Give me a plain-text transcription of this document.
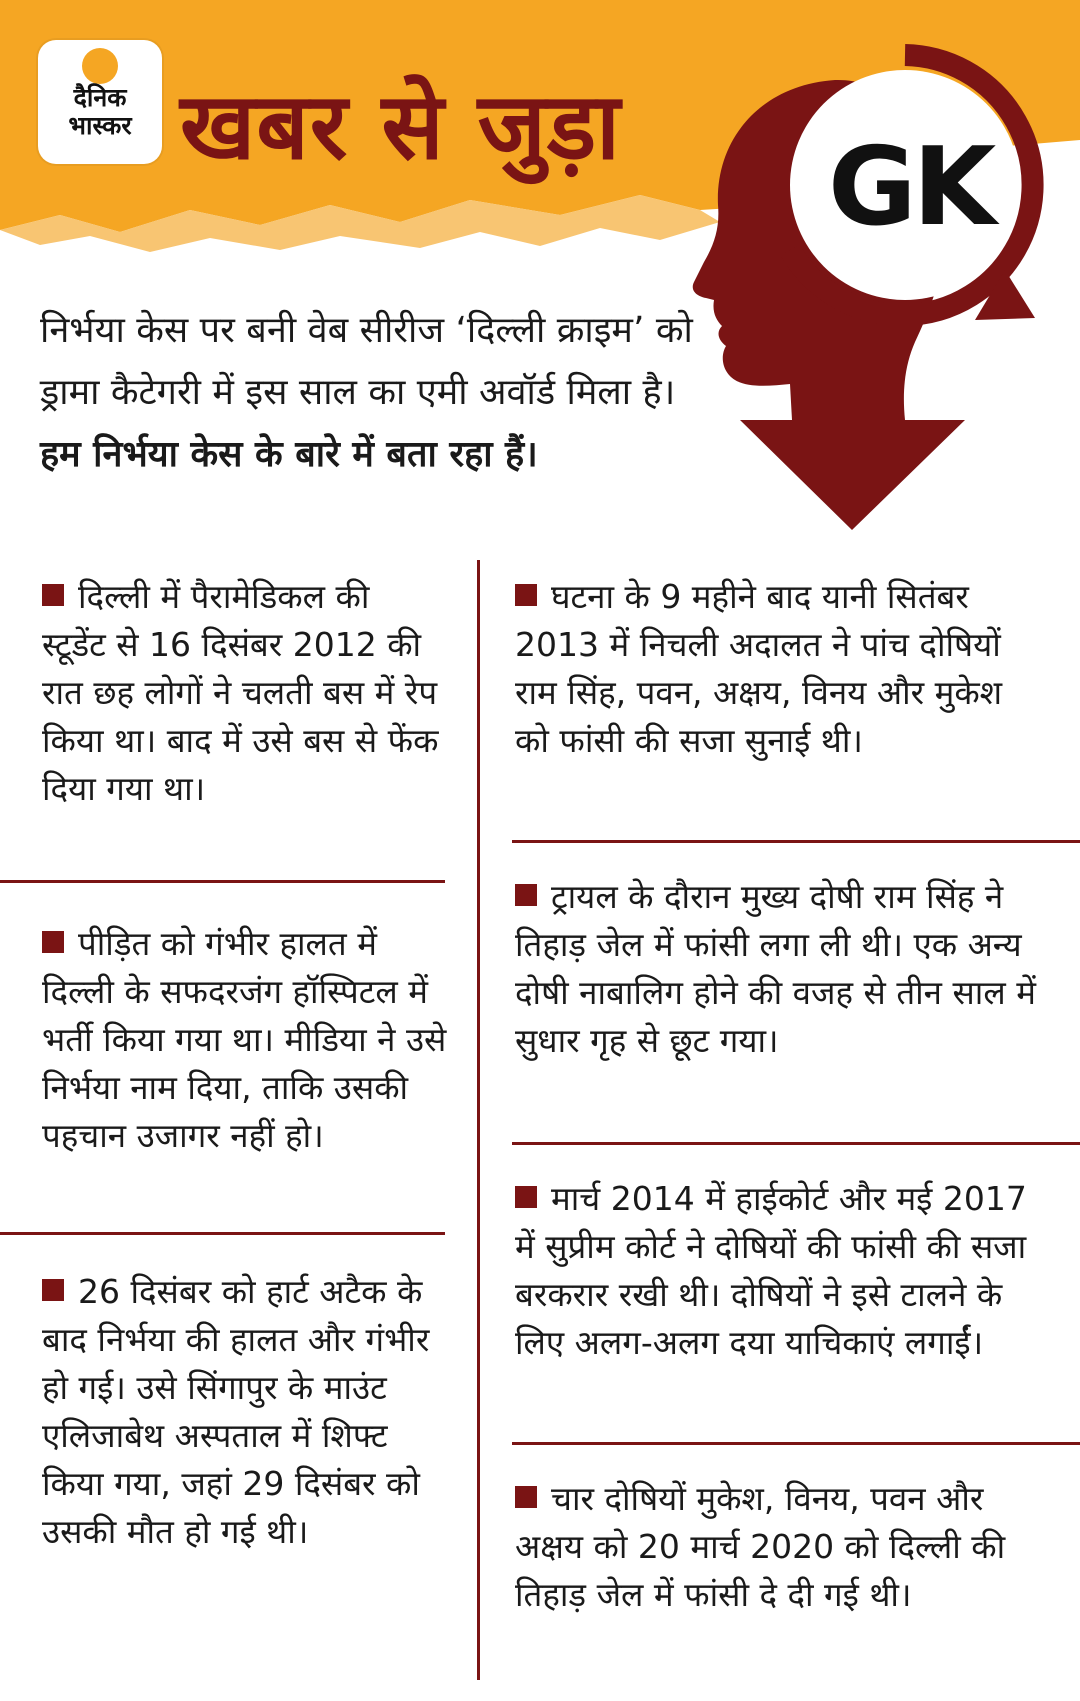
दैनिक
भास्कर खबर से जुड़ा GK

निर्भया केस पर बनी वेब सीरीज ‘दिल्ली क्राइम’ को ड्रामा कैटेगरी में इस साल का एमी अवॉर्ड मिला है।

हम निर्भया केस के बारे में बता रहा हैं।

दिल्ली में पैरामेडिकल की स्टूडेंट से 16 दिसंबर 2012 की रात छह लोगों ने चलती बस में रेप किया था। बाद में उसे बस से फेंक दिया गया था।
पीड़ित को गंभीर हालत में दिल्ली के सफदरजंग हॉस्पिटल में भर्ती किया गया था। मीडिया ने उसे निर्भया नाम दिया, ताकि उसकी पहचान उजागर नहीं हो।
26 दिसंबर को हार्ट अटैक के बाद निर्भया की हालत और गंभीर हो गई। उसे सिंगापुर के माउंट एलिजाबेथ अस्पताल में शिफ्ट किया गया, जहां 29 दिसंबर को उसकी मौत हो गई थी।
घटना के 9 महीने बाद यानी सितंबर 2013 में निचली अदालत ने पांच दोषियों राम सिंह, पवन, अक्षय, विनय और मुकेश को फांसी की सजा सुनाई थी।
ट्रायल के दौरान मुख्य दोषी राम सिंह ने तिहाड़ जेल में फांसी लगा ली थी। एक अन्य दोषी नाबालिग होने की वजह से तीन साल में सुधार गृह से छूट गया।
मार्च 2014 में हाईकोर्ट और मई 2017 में सुप्रीम कोर्ट ने दोषियों की फांसी की सजा बरकरार रखी थी। दोषियों ने इसे टालने के लिए अलग-अलग दया याचिकाएं लगाईं।
चार दोषियों मुकेश, विनय, पवन और अक्षय को 20 मार्च 2020 को दिल्ली की तिहाड़ जेल में फांसी दे दी गई थी।
